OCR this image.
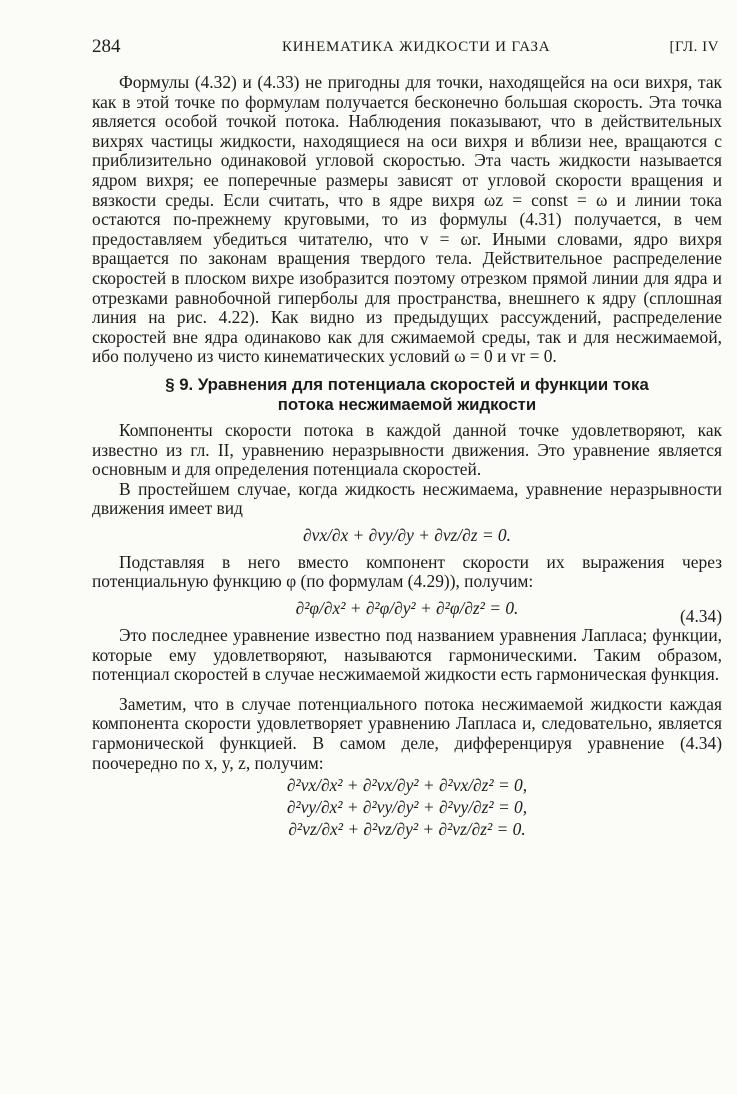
284	КИНЕМАТИКА ЖИДКОСТИ И ГАЗА	[ГЛ. IV

Формулы (4.32) и (4.33) не пригодны для точки, находящейся на оси вихря, так как в этой точке по формулам получается бесконечно большая скорость. Эта точка является особой точкой потока. Наблюдения показывают, что в действительных вихрях частицы жидкости, находящиеся на оси вихря и вблизи нее, вращаются с приблизительно одинаковой угловой скоростью. Эта часть жидкости называется ядром вихря; ее поперечные размеры зависят от угловой скорости вращения и вязкости среды. Если считать, что в ядре вихря ωz = const = ω и линии тока остаются по-прежнему круговыми, то из формулы (4.31) получается, в чем предоставляем убедиться читателю, что v = ωr. Иными словами, ядро вихря вращается по законам вращения твердого тела. Действительное распределение скоростей в плоском вихре изобразится поэтому отрезком прямой линии для ядра и отрезками равнобочной гиперболы для пространства, внешнего к ядру (сплошная линия на рис. 4.22). Как видно из предыдущих рассуждений, распределение скоростей вне ядра одинаково как для сжимаемой среды, так и для несжимаемой, ибо получено из чисто кинематических условий ω = 0 и vr = 0.

§ 9. Уравнения для потенциала скоростей и функции тока
потока несжимаемой жидкости

Компоненты скорости потока в каждой данной точке удовлетворяют, как известно из гл. II, уравнению неразрывности движения. Это уравнение является основным и для определения потенциала скоростей.

В простейшем случае, когда жидкость несжимаема, уравнение неразрывности движения имеет вид

∂vx/∂x + ∂vy/∂y + ∂vz/∂z = 0.

Подставляя в него вместо компонент скорости их выражения через потенциальную функцию φ (по формулам (4.29)), получим:

∂²φ/∂x² + ∂²φ/∂y² + ∂²φ/∂z² = 0.	(4.34)

Это последнее уравнение известно под названием уравнения Лапласа; функции, которые ему удовлетворяют, называются гармоническими. Таким образом, потенциал скоростей в случае несжимаемой жидкости есть гармоническая функция.

Заметим, что в случае потенциального потока несжимаемой жидкости каждая компонента скорости удовлетворяет уравнению Лапласа и, следовательно, является гармонической функцией. В самом деле, дифференцируя уравнение (4.34) поочередно по x, y, z, получим:

∂²vx/∂x² + ∂²vx/∂y² + ∂²vx/∂z² = 0,
∂²vy/∂x² + ∂²vy/∂y² + ∂²vy/∂z² = 0,
∂²vz/∂x² + ∂²vz/∂y² + ∂²vz/∂z² = 0.
